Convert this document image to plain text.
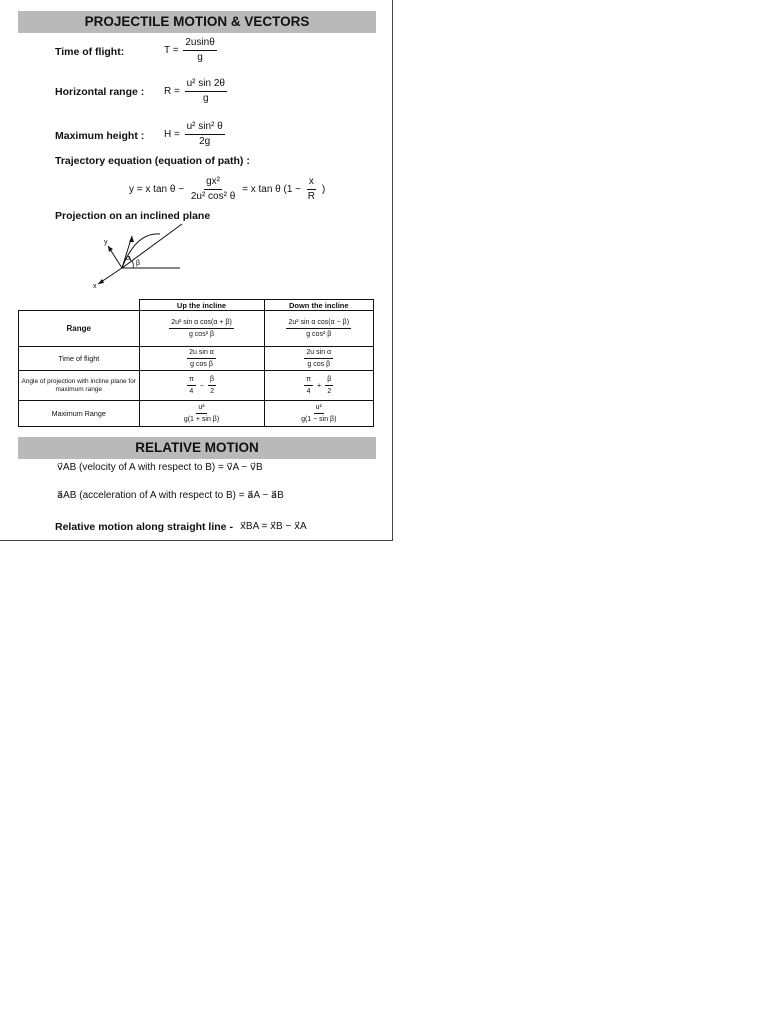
PROJECTILE MOTION & VECTORS
Time of flight:	$T = \frac{2usin\theta}{g}$
Horizontal range : $R = \frac{\text{u² sin 2θ}}{g}$
Maximum height : $H = \frac{\text{u² sin² θ}}{2g}$
Trajectory equation (equation of path) :
y = x $\tan \theta - \frac{\text{gx²}}{\text{2u² cos² θ}} = x$ tan θ ($1 - \frac{x}{R}$ )
Projection on an inclined plane
y
x
α
β
	Up the incline	Down the incline
Range	$\frac{\text{2u² sin α cos(α + β)}}{\text{g cos² β}}$	$\frac{\text{2u² sin α cos(α − β)}}{\text{g cos² β}}$

Time of flight	$\frac{\text{2u sin α}}{\text{g cos β}}$	$\frac{\text{2u sin α}}{\text{g cos β}}$

Angle of projection with incline plane for maximum range	$\frac{\pi}{4} - \frac{\beta}{2}$	$\frac{\pi}{4} + \frac{\beta}{2}$

Maximum Range	$\frac{\text{u²}}{\text{g(1 + sin β)}}$	$\frac{\text{u²}}{\text{g(1 − sin β)}}$
RELATIVE MOTION
v⃗AB (velocity of A with respect to B) = v⃗A − v⃗B
a⃗AB (acceleration of A with respect to B) = a⃗A − a⃗B
Relative motion along straight line - x⃗BA = x⃗B − x⃗A
